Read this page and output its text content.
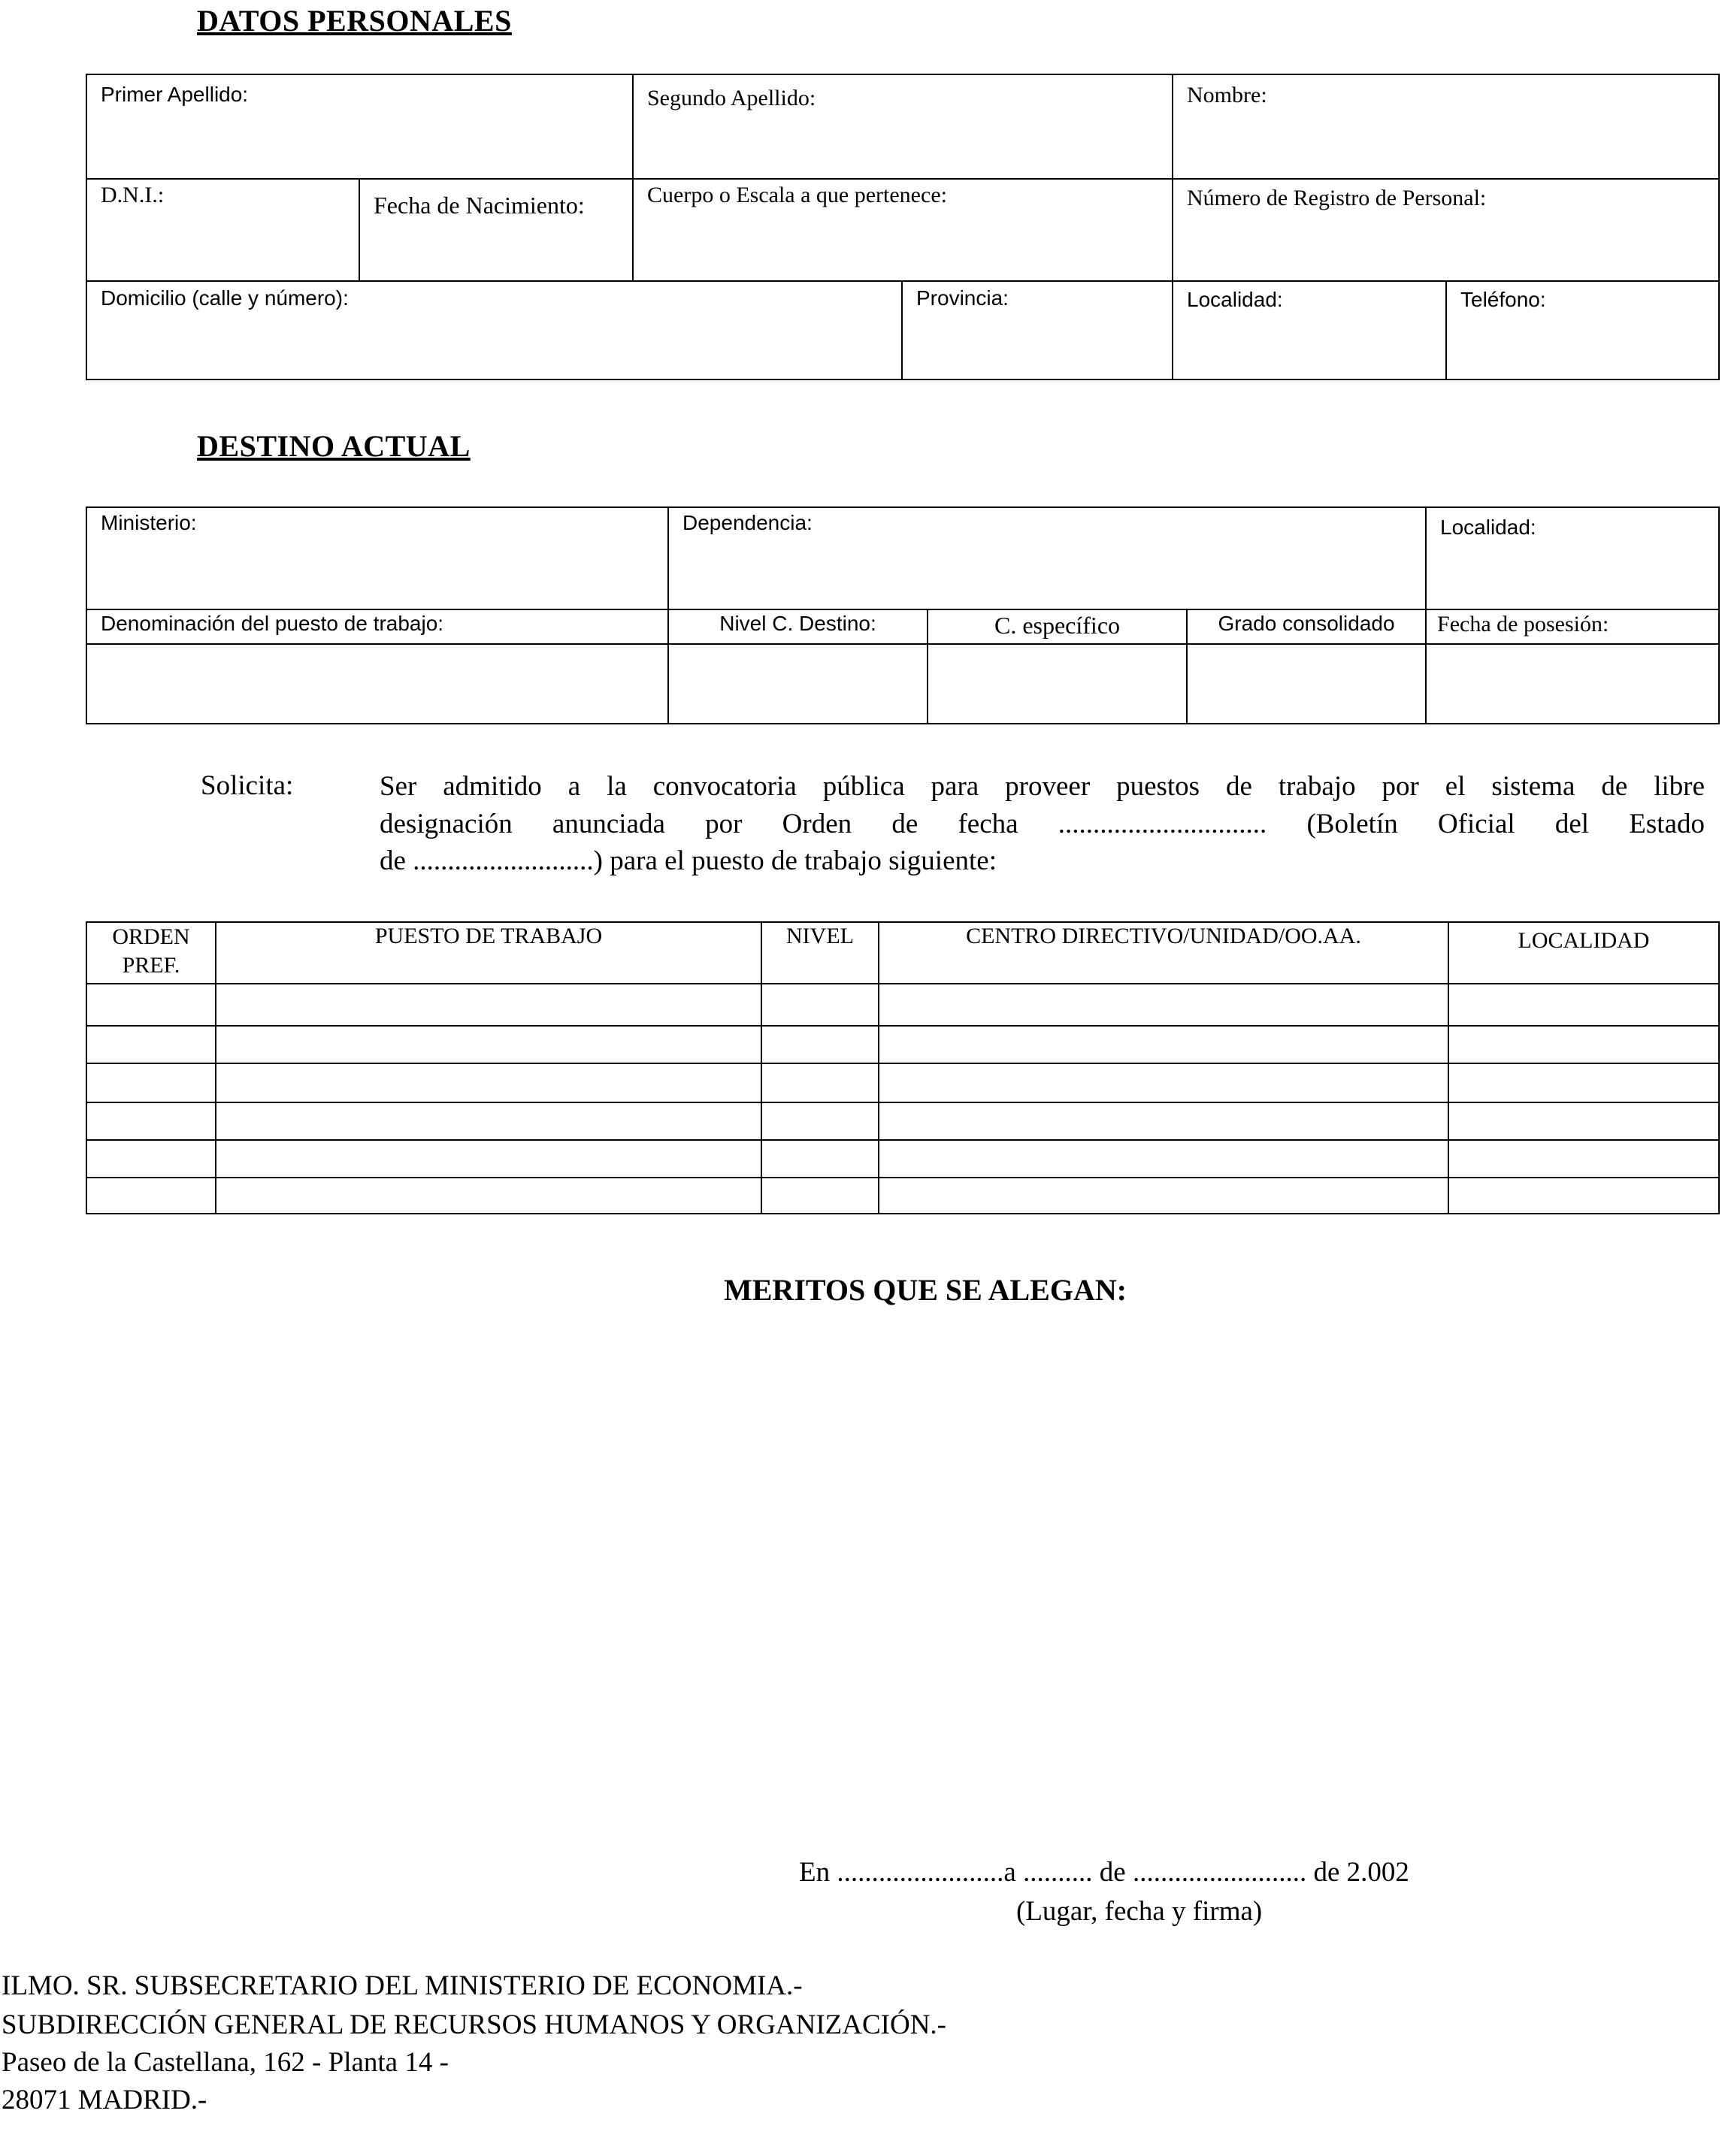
DATOS PERSONALES
Primer Apellido:		Segundo Apellido:		Nombre:	

D.N.I.:	Fecha de Nacimiento:	Cuerpo o Escala a que pertenece:		Número de Registro de Personal:	

Domicilio (calle y número):			Provincia:	Localidad:	Teléfono:
DESTINO ACTUAL
Ministerio:	Dependencia:			Localidad:

Denominación del puesto de trabajo:	Nivel C. Destino:	C. específico	Grado consolidado	Fecha de posesión:

Solicita:	Ser admitido a la convocatoria pública para proveer puestos de trabajo por el sistema de libre
designación anunciada por Orden de fecha .............................. (Boletín Oficial del Estado
de ..........................) para el puesto de trabajo siguiente:
ORDEN
PREF.	PUESTO DE TRABAJO	NIVEL	CENTRO DIRECTIVO/UNIDAD/OO.AA.	LOCALIDAD

MERITOS QUE SE ALEGAN:
En ........................a .......... de ......................... de 2.002
(Lugar, fecha y firma)
ILMO. SR. SUBSECRETARIO DEL MINISTERIO DE ECONOMIA.-
SUBDIRECCIÓN GENERAL DE RECURSOS HUMANOS Y ORGANIZACIÓN.-
Paseo de la Castellana, 162 - Planta 14 -
28071 MADRID.-
